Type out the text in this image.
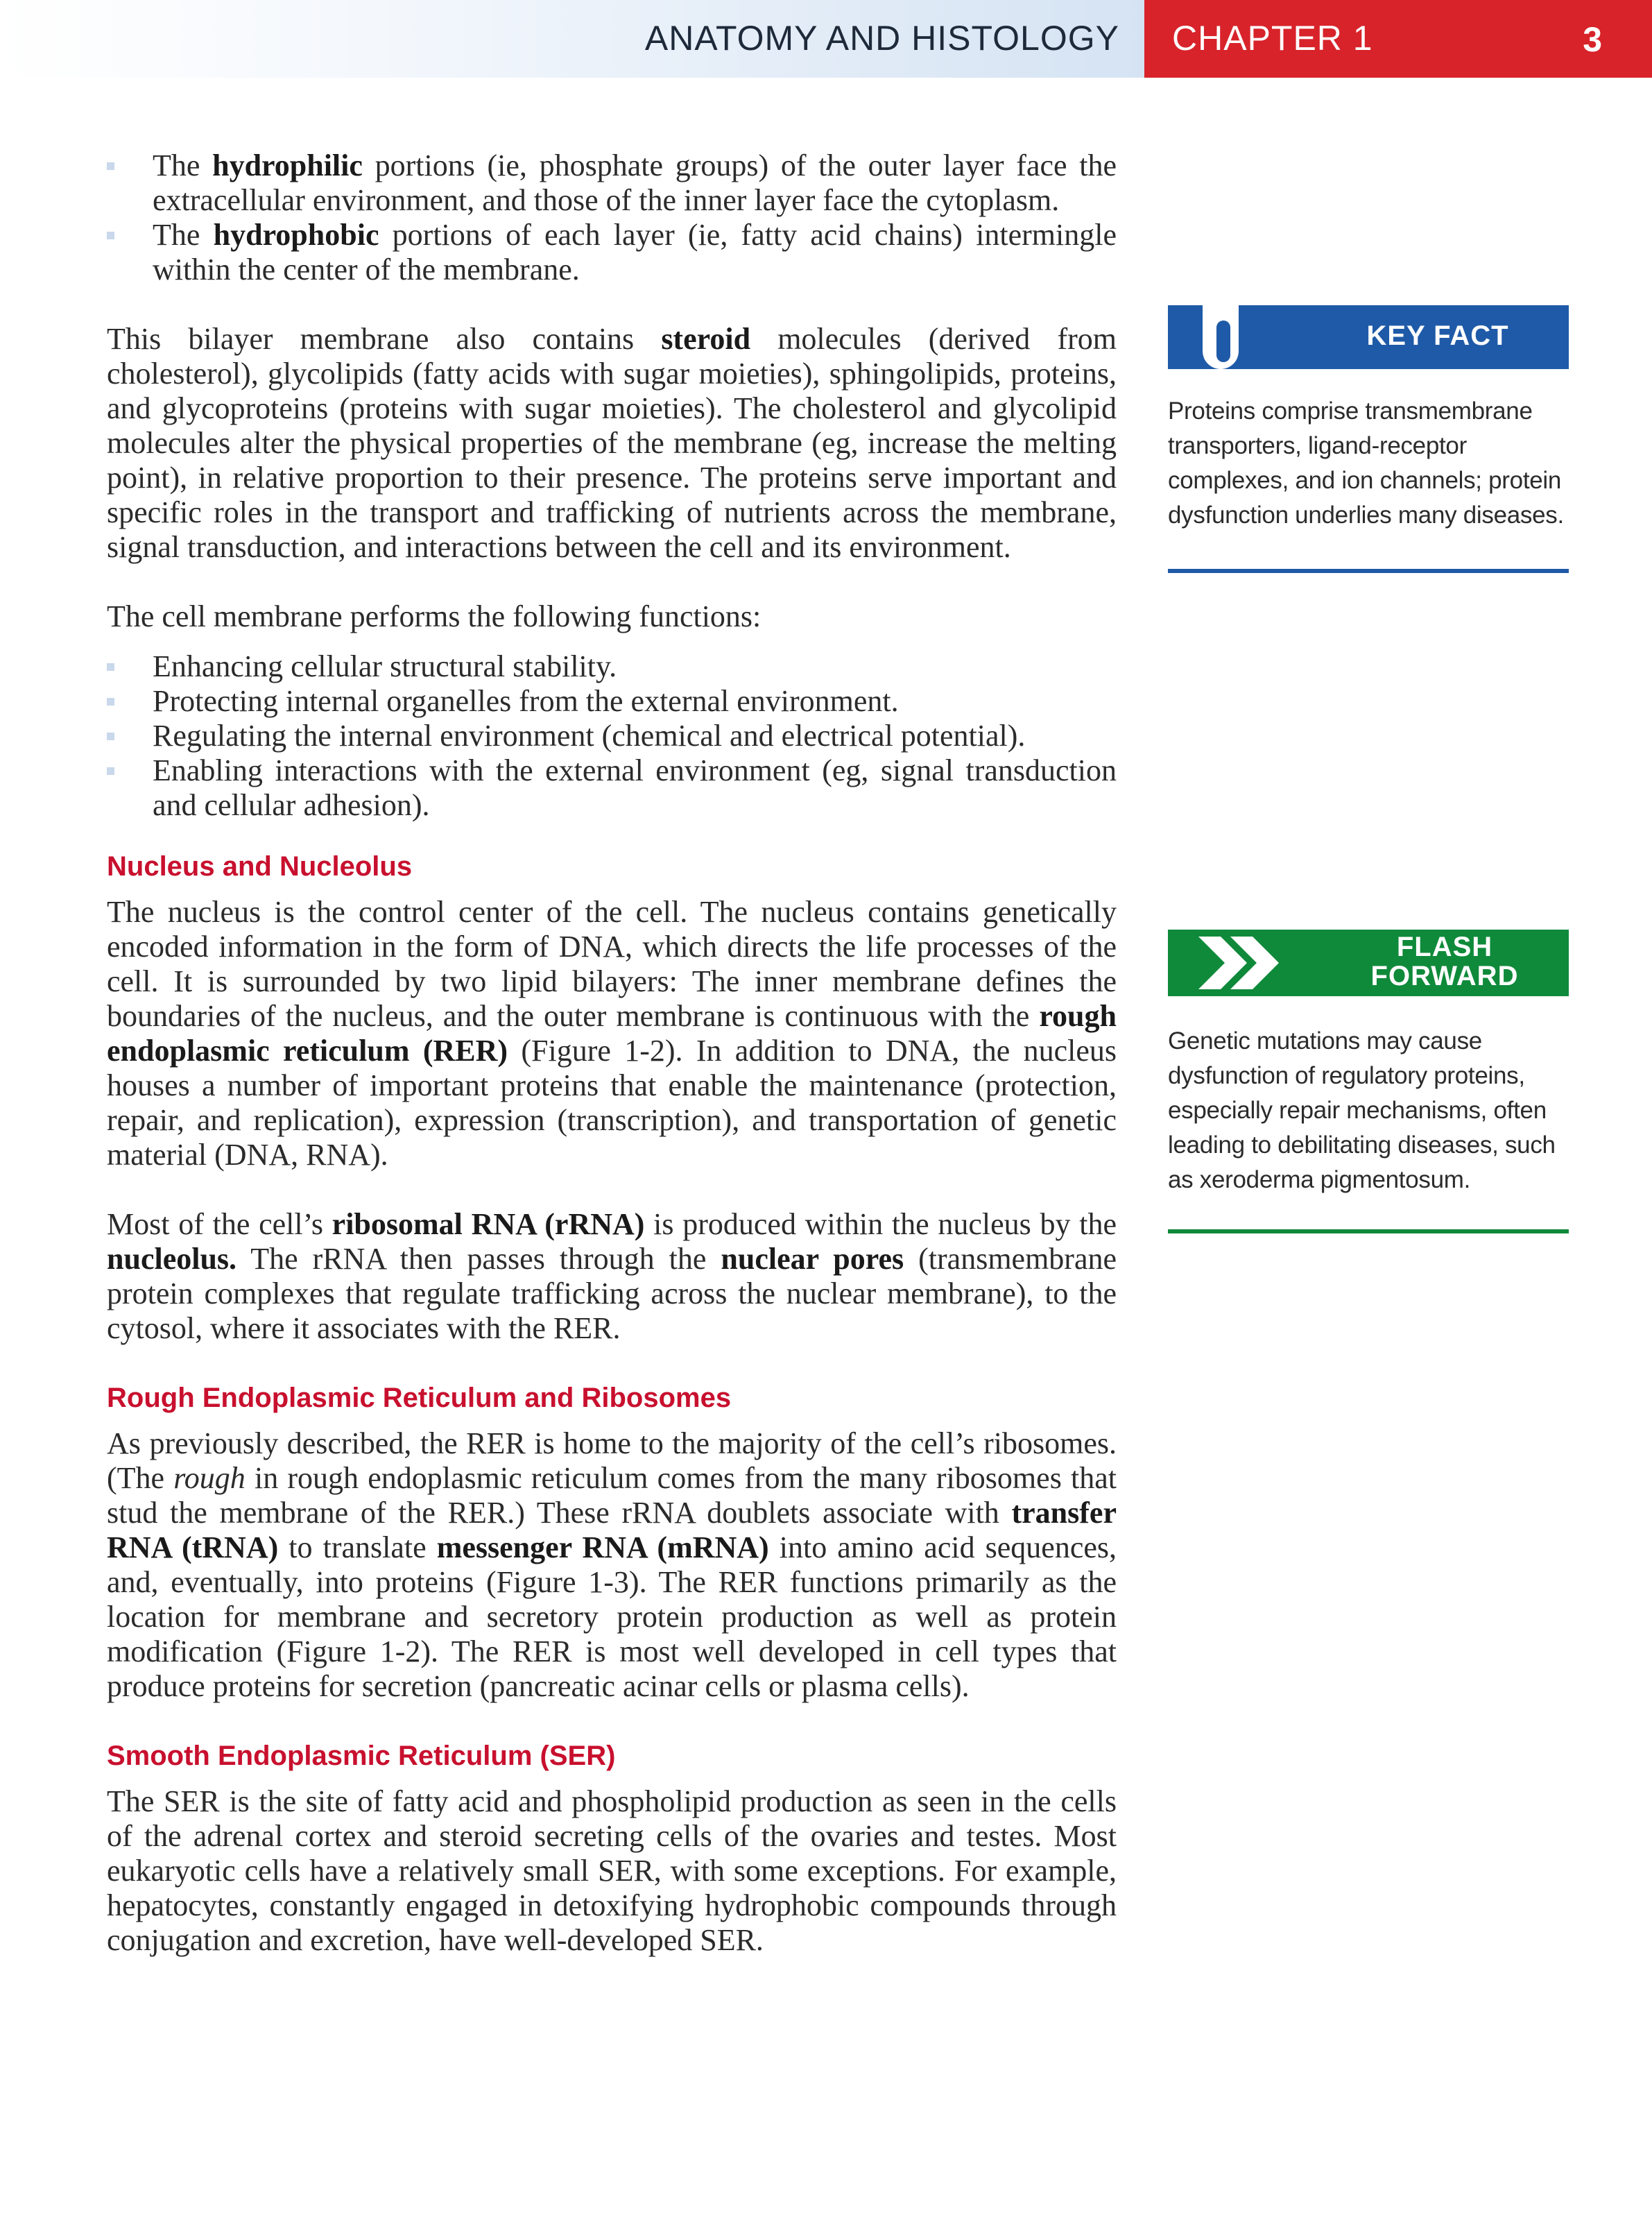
ANATOMY AND HISTOLOGY CHAPTER 1	3
The hydrophilic portions (ie, phosphate groups) of the outer layer face the extracellular environment, and those of the inner layer face the cytoplasm.
The hydrophobic portions of each layer (ie, fatty acid chains) intermingle within the center of the membrane.

This bilayer membrane also contains steroid molecules (derived from cholesterol), glycolipids (fatty acids with sugar moieties), sphingolipids, proteins, and glycoproteins (proteins with sugar moieties). The cholesterol and glycolipid molecules alter the physical properties of the membrane (eg, increase the melting point), in relative proportion to their presence. The proteins serve important and specific roles in the transport and trafficking of nutrients across the membrane, signal transduction, and interactions between the cell and its environment.

The cell membrane performs the following functions:

Enhancing cellular structural stability.
Protecting internal organelles from the external environment.
Regulating the internal environment (chemical and electrical potential).
Enabling interactions with the external environment (eg, signal transduction and cellular adhesion).
Nucleus and Nucleolus

The nucleus is the control center of the cell. The nucleus contains genetically encoded information in the form of DNA, which directs the life processes of the cell. It is surrounded by two lipid bilayers: The inner membrane defines the boundaries of the nucleus, and the outer membrane is continuous with the rough endoplasmic reticulum (RER) (Figure 1-2). In addition to DNA, the nucleus houses a number of important proteins that enable the maintenance (protection, repair, and replication), expression (transcription), and transportation of genetic material (DNA, RNA).

Most of the cell’s ribosomal RNA (rRNA) is produced within the nucleus by the nucleolus. The rRNA then passes through the nuclear pores (transmembrane protein complexes that regulate trafficking across the nuclear membrane), to the cytosol, where it associates with the RER.

Rough Endoplasmic Reticulum and Ribosomes

As previously described, the RER is home to the majority of the cell’s ribosomes. (The rough in rough endoplasmic reticulum comes from the many ribosomes that stud the membrane of the RER.) These rRNA doublets associate with transfer RNA (tRNA) to translate messenger RNA (mRNA) into amino acid sequences, and, eventually, into proteins (Figure 1-3). The RER functions primarily as the location for membrane and secretory protein production as well as protein modification (Figure 1-2). The RER is most well developed in cell types that produce proteins for secretion (pancreatic acinar cells or plasma cells).

Smooth Endoplasmic Reticulum (SER)

The SER is the site of fatty acid and phospholipid production as seen in the cells of the adrenal cortex and steroid secreting cells of the ovaries and testes. Most eukaryotic cells have a relatively small SER, with some exceptions. For example, hepatocytes, constantly engaged in detoxifying hydrophobic compounds through conjugation and excretion, have well-developed SER.

KEY FACT
Proteins comprise transmembrane transporters, ligand-receptor complexes, and ion channels; protein dysfunction underlies many diseases.
FLASH
FORWARD
Genetic mutations may cause dysfunction of regulatory proteins, especially repair mechanisms, often leading to debilitating diseases, such as xeroderma pigmentosum.
